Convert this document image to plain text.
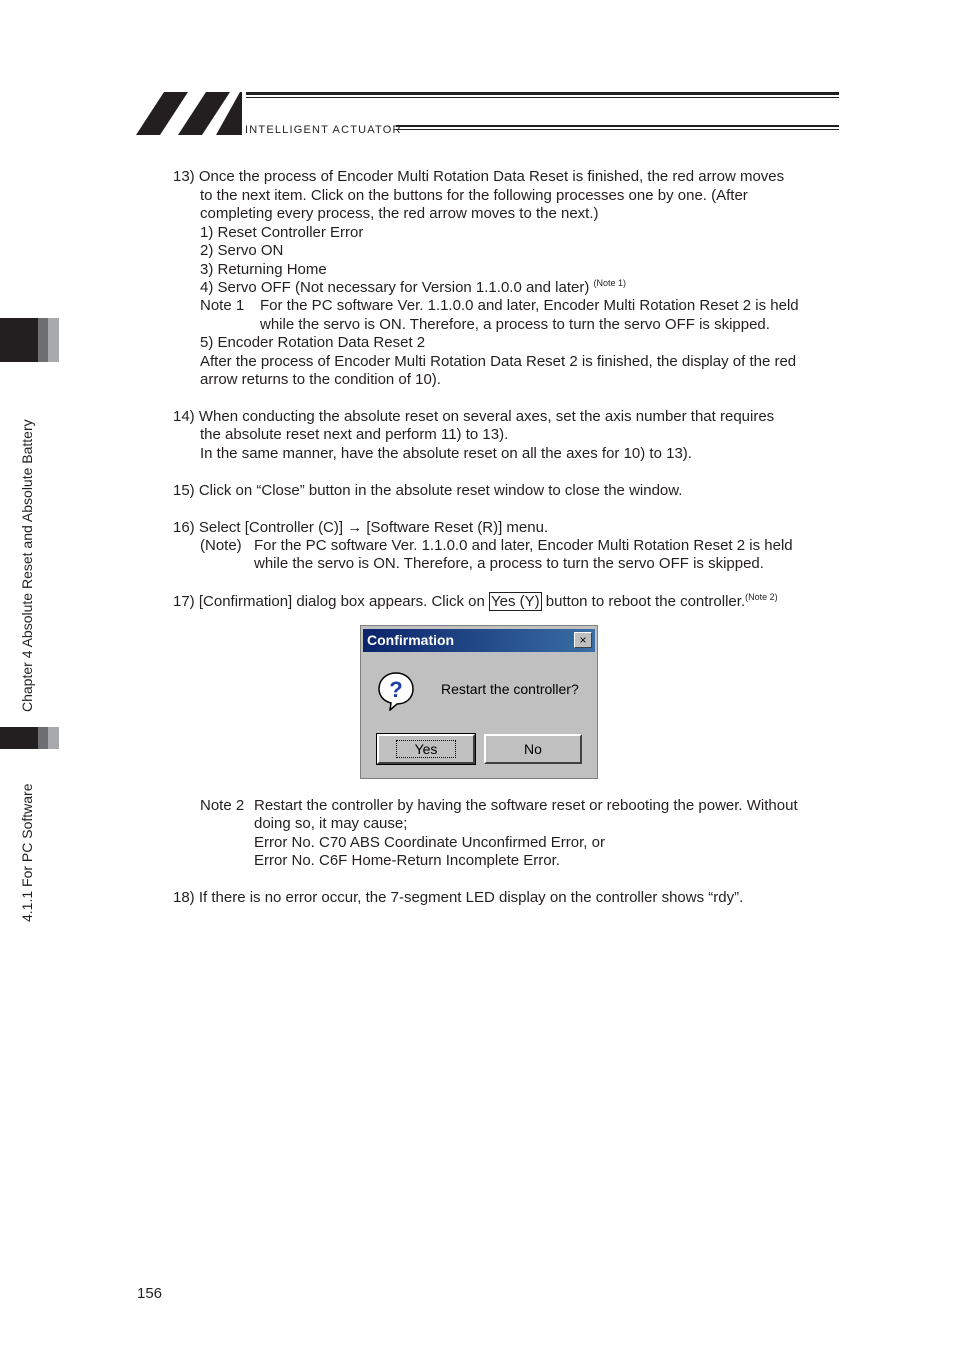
INTELLIGENT ACTUATOR
Chapter 4 Absolute Reset and Absolute Battery
4.1.1 For PC Software
13) Once the process of Encoder Multi Rotation Data Reset is finished, the red arrow moves
to the next item. Click on the buttons for the following processes one by one. (After
completing every process, the red arrow moves to the next.)
1) Reset Controller Error
2) Servo ON
3) Returning Home
4) Servo OFF (Not necessary for Version 1.1.0.0 and later) $^{(Note 1)}$
Note 1 For the PC software Ver. 1.1.0.0 and later, Encoder Multi Rotation Reset 2 is held
while the servo is ON. Therefore, a process to turn the servo OFF is skipped.
5) Encoder Rotation Data Reset 2
After the process of Encoder Multi Rotation Data Reset 2 is finished, the display of the red
arrow returns to the condition of 10).
14) When conducting the absolute reset on several axes, set the axis number that requires
the absolute reset next and perform 11) to 13).
In the same manner, have the absolute reset on all the axes for 10) to 13).
15) Click on “Close” button in the absolute reset window to close the window.
16) Select [Controller (C)] → [Software Reset (R)] menu.
(Note) For the PC software Ver. 1.1.0.0 and later, Encoder Multi Rotation Reset 2 is held
while the servo is ON. Therefore, a process to turn the servo OFF is skipped.
17) [Confirmation] dialog box appears. Click on Yes (Y) button to reboot the controller.$^{(Note 2)}$
Confirmation	×
?	Restart the controller?
Yes	No
Note 2 Restart the controller by having the software reset or rebooting the power. Without
doing so, it may cause;
Error No. C70 ABS Coordinate Unconfirmed Error, or
Error No. C6F Home-Return Incomplete Error.
18) If there is no error occur, the 7-segment LED display on the controller shows “rdy”.
156
